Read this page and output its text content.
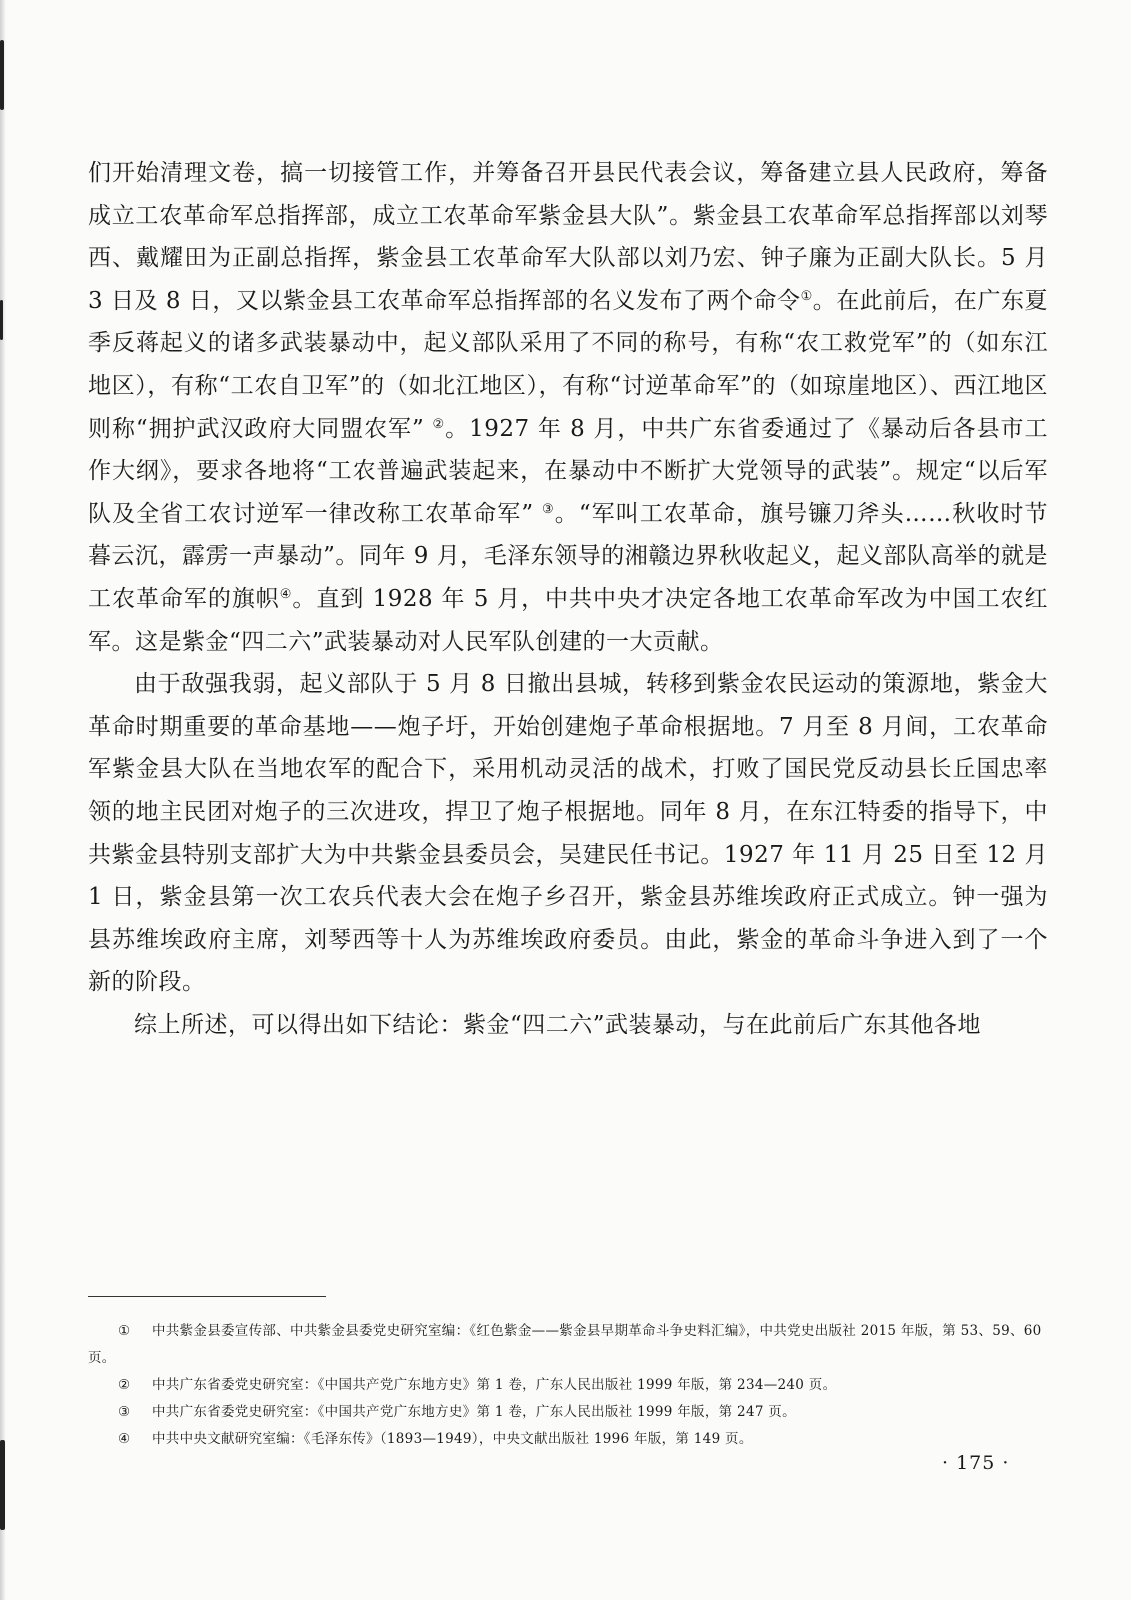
们开始清理文卷，搞一切接管工作，并筹备召开县民代表会议，筹备建立县人民政府，筹备成立工农革命军总指挥部，成立工农革命军紫金县大队”。紫金县工农革命军总指挥部以刘琴西、戴耀田为正副总指挥，紫金县工农革命军大队部以刘乃宏、钟子廉为正副大队长。5 月 3 日及 8 日，又以紫金县工农革命军总指挥部的名义发布了两个命令①。在此前后，在广东夏季反蒋起义的诸多武装暴动中，起义部队采用了不同的称号，有称“农工救党军”的（如东江地区），有称“工农自卫军”的（如北江地区），有称“讨逆革命军”的（如琼崖地区）、西江地区则称“拥护武汉政府大同盟农军” ②。1927 年 8 月，中共广东省委通过了《暴动后各县市工作大纲》，要求各地将“工农普遍武装起来，在暴动中不断扩大党领导的武装”。规定“以后军队及全省工农讨逆军一律改称工农革命军” ③。“军叫工农革命，旗号镰刀斧头……秋收时节暮云沉，霹雳一声暴动”。同年 9 月，毛泽东领导的湘赣边界秋收起义，起义部队高举的就是工农革命军的旗帜④。直到 1928 年 5 月，中共中央才决定各地工农革命军改为中国工农红军。这是紫金“四二六”武装暴动对人民军队创建的一大贡献。

由于敌强我弱，起义部队于 5 月 8 日撤出县城，转移到紫金农民运动的策源地，紫金大革命时期重要的革命基地——炮子圩，开始创建炮子革命根据地。7 月至 8 月间，工农革命军紫金县大队在当地农军的配合下，采用机动灵活的战术，打败了国民党反动县长丘国忠率领的地主民团对炮子的三次进攻，捍卫了炮子根据地。同年 8 月，在东江特委的指导下，中共紫金县特别支部扩大为中共紫金县委员会，吴建民任书记。1927 年 11 月 25 日至 12 月 1 日，紫金县第一次工农兵代表大会在炮子乡召开，紫金县苏维埃政府正式成立。钟一强为县苏维埃政府主席，刘琴西等十人为苏维埃政府委员。由此，紫金的革命斗争进入到了一个新的阶段。

综上所述，可以得出如下结论：紫金“四二六”武装暴动，与在此前后广东其他各地

① 中共紫金县委宣传部、中共紫金县委党史研究室编：《红色紫金——紫金县早期革命斗争史料汇编》，中共党史出版社 2015 年版，第 53、59、60 页。

② 中共广东省委党史研究室：《中国共产党广东地方史》第 1 卷，广东人民出版社 1999 年版，第 234—240 页。

③ 中共广东省委党史研究室：《中国共产党广东地方史》第 1 卷，广东人民出版社 1999 年版，第 247 页。

④ 中共中央文献研究室编：《毛泽东传》（1893—1949），中央文献出版社 1996 年版，第 149 页。

· 175 ·
